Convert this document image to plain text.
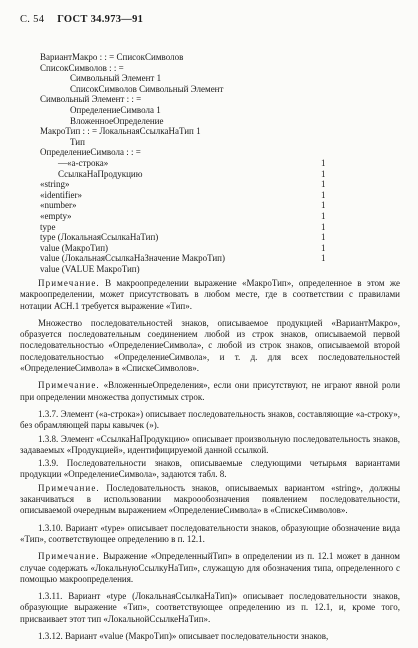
С. 54 ГОСТ 34.973—91
ВариантМакро : : = СписокСимволов
СписокСимволов : : =
Символьный Элемент 1
СписокСимволов Символьный Элемент
Символьный Элемент : : =
ОпределениеСимвола 1
ВложенноеОпределение
МакроТип : : = ЛокальнаяСсылкаНаТип 1
Тип
ОпределениеСимвола : : =
—«а-строка»	1
СсылкаНаПродукцию	1
«string»	1
«identifier»	1
«number»	1
«empty»	1
type	1
type (ЛокальнаяСсылкаНаТип)	1
value (МакроТип)	1
value (ЛокальнаяСсылкаНаЗначение МакроТип)	1
value (VALUE МакроТип)

Примечание. В макроопределении выражение «МакроТип», определенное в этом же макроопределении, может присутствовать в любом месте, где в соответствии с правилами нотации АСН.1 требуется выражение «Тип».

Множество последовательностей знаков, описываемое продукцией «ВариантМакро», образуется последовательным соединением любой из строк знаков, описываемой первой последовательностью «ОпределениеСимвола», с любой из строк знаков, описываемой второй последовательностью «ОпределениеСимвола», и т. д. для всех последовательностей «ОпределениеСимвола» в «СпискеСимволов».

Примечание. «ВложенныеОпределения», если они присутствуют, не играют явной роли при определении множества допустимых строк.

1.3.7. Элемент («а-строка») описывает последовательность знаков, составляющие «а-строку», без обрамляющей пары кавычек (»).

1.3.8. Элемент «СсылкаНаПродукцию» описывает произвольную последовательность знаков, задаваемых «Продукцией», идентифицируемой данной ссылкой.

1.3.9. Последовательности знаков, описываемые следующими четырьмя вариантами продукции «ОпределениеСимвола», задаются табл. 8.

Примечание. Последовательность знаков, описываемых вариантом «string», должны заканчиваться в использовании макроообозначения появлением последовательности, описываемой очередным выражением «ОпределениеСимвола» в «СпискеСимволов».

1.3.10. Вариант «type» описывает последовательности знаков, образующие обозначение вида «Тип», соответствующее определению в п. 12.1.

Примечание. Выражение «ОпределенныйТип» в определении из п. 12.1 может в данном случае содержать «ЛокальнуюСсылкуНаТип», служащую для обозначения типа, определенного с помощью макроопределения.

1.3.11. Вариант «type (ЛокальнаяСсылкаНаТип)» описывает последовательности знаков, образующие выражение «Тип», соответствующее определению из п. 12.1, и, кроме того, присваивает этот тип «ЛокальнойСсылкеНаТип».

1.3.12. Вариант «value (МакроТип)» описывает последовательности знаков,
